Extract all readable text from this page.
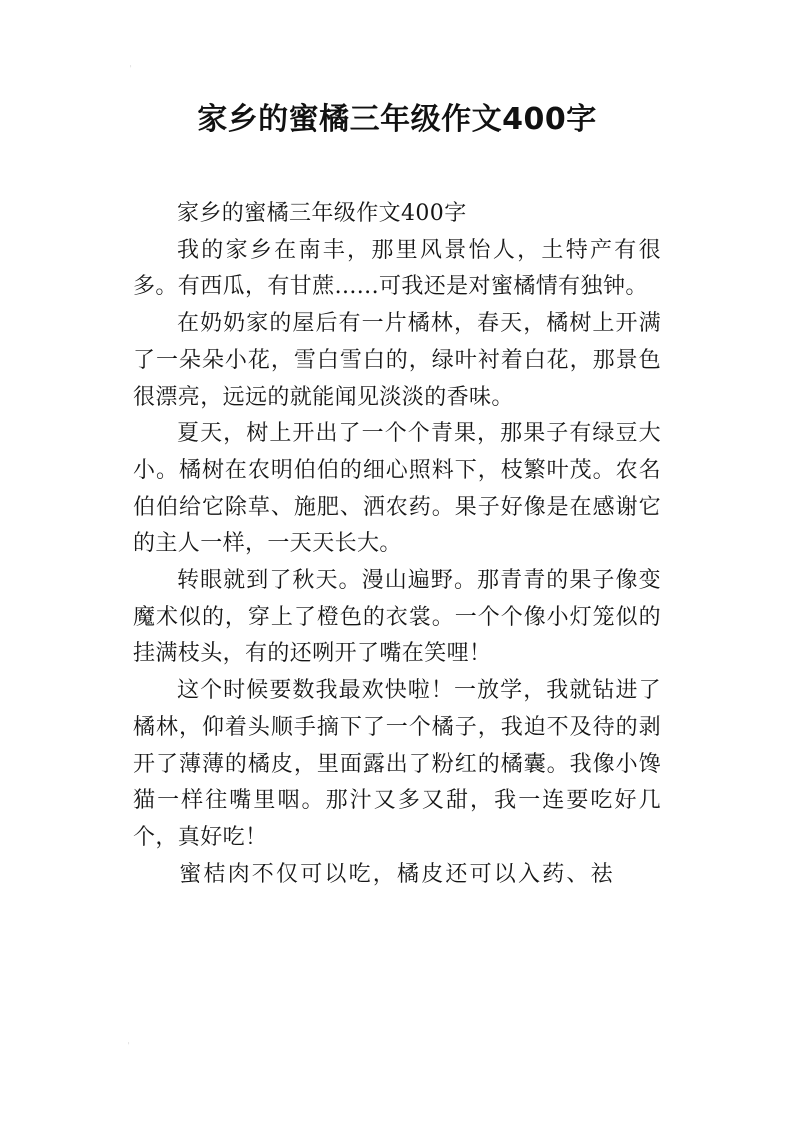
⸒
⸒
家乡的蜜橘三年级作文400字

家乡的蜜橘三年级作文400字

我的家乡在南丰，那里风景怡人，土特产有很多。有西瓜，有甘蔗......可我还是对蜜橘情有独钟。

在奶奶家的屋后有一片橘林，春天，橘树上开满了一朵朵小花，雪白雪白的，绿叶衬着白花，那景色很漂亮，远远的就能闻见淡淡的香味。

夏天，树上开出了一个个青果，那果子有绿豆大小。橘树在农明伯伯的细心照料下，枝繁叶茂。农名伯伯给它除草、施肥、洒农药。果子好像是在感谢它的主人一样，一天天长大。

转眼就到了秋天。漫山遍野。那青青的果子像变魔术似的，穿上了橙色的衣裳。一个个像小灯笼似的挂满枝头，有的还咧开了嘴在笑哩！

这个时候要数我最欢快啦！一放学，我就钻进了橘林，仰着头顺手摘下了一个橘子，我迫不及待的剥开了薄薄的橘皮，里面露出了粉红的橘囊。我像小馋猫一样往嘴里咽。那汁又多又甜，我一连要吃好几个，真好吃！

蜜桔肉不仅可以吃，橘皮还可以入药、祛
